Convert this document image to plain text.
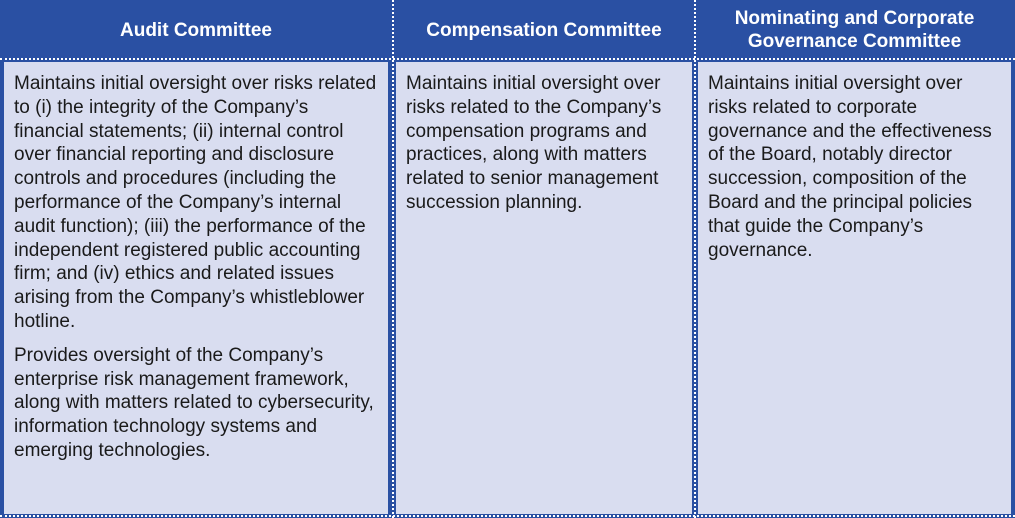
Audit Committee	Compensation Committee
Nominating and Corporate Governance Committee

Maintains initial oversight over risks related to (i) the integrity of the Company’s financial statements; (ii) internal control over financial reporting and disclosure controls and procedures (including the performance of the Company’s internal audit function); (iii) the performance of the independent registered public accounting firm; and (iv) ethics and related issues arising from the Company’s whistleblower hotline.

Provides oversight of the Company’s enterprise risk management framework, along with matters related to cybersecurity, information technology systems and emerging technologies.

Maintains initial oversight over risks related to the Company’s compensation programs and practices, along with matters related to senior management succession planning.

Maintains initial oversight over risks related to corporate governance and the effectiveness of the Board, notably director succession, composition of the Board and the principal policies that guide the Company’s governance.
